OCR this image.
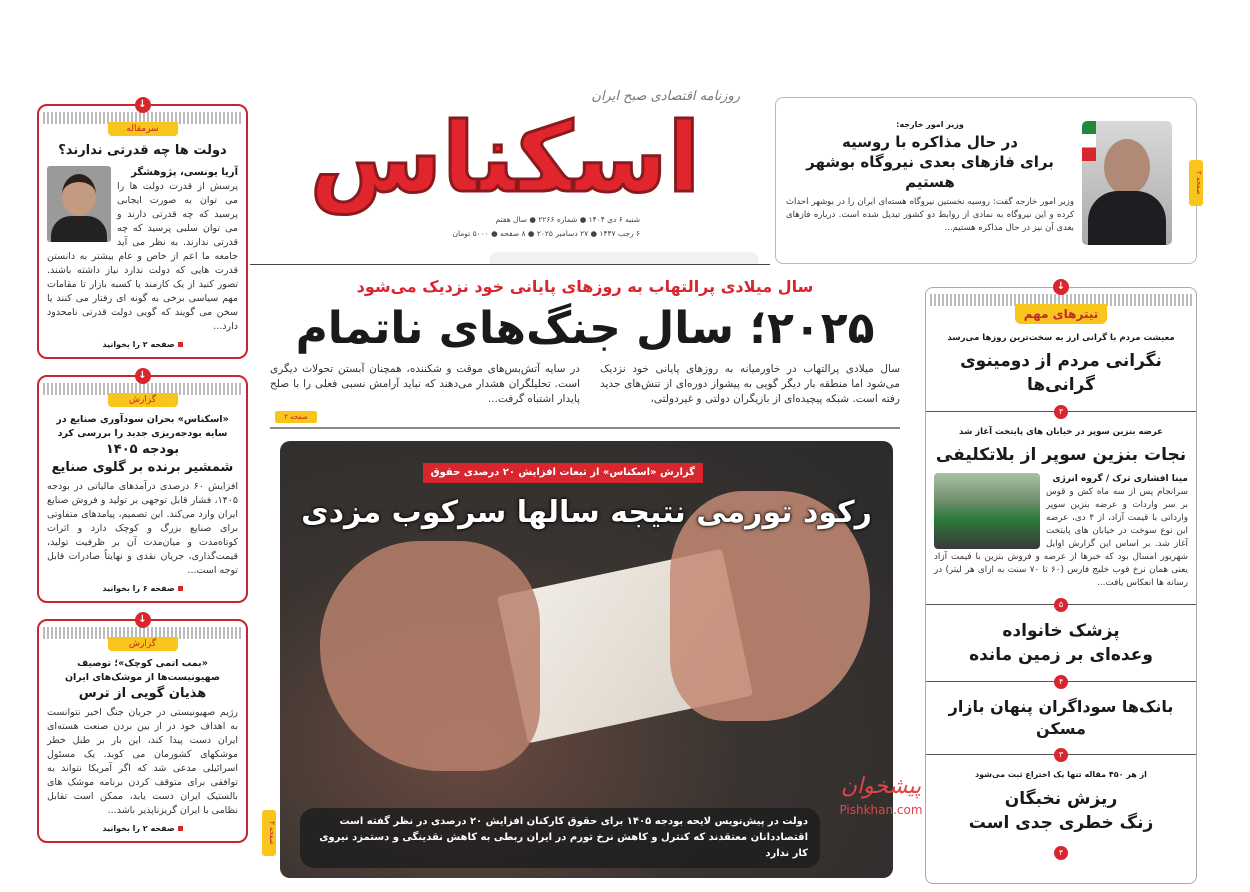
روزنامه اقتصادی صبح ایران
اسکناس
شنبه ۶ دی ۱۴۰۴ ● شماره ۲۲۶۶ ● سال هفتم
۶ رجب ۱۴۴۷ ● ۲۷ دسامبر ۲۰۲۵ ● ۸ صفحه ● ۵۰۰۰ تومان
صفحه ۲
وزیر امور خارجه:
در حال مذاکره با روسیه
برای فازهای بعدی نیروگاه بوشهر هستیم
وزیر امور خارجه گفت: روسیه نخستین نیروگاه هسته‌ای ایران را در بوشهر احداث کرده و این نیروگاه به نمادی از روابط دو کشور تبدیل شده است. درباره فازهای بعدی آن نیز در حال مذاکره هستیم...
سال میلادی پرالتهاب به روزهای پایانی خود نزدیک می‌شود
۲۰۲۵؛ سال جنگ‌های ناتمام
سال میلادی پرالتهاب در خاورمیانه به روزهای پایانی خود نزدیک می‌شود اما منطقه بار دیگر گویی به پیشواز دوره‌ای از تنش‌های جدید رفته است. شبکه پیچیده‌ای از بازیگران دولتی و غیردولتی،
در سایه آتش‌بس‌های موقت و شکننده، همچنان آبستن تحولات دیگری است. تحلیلگران هشدار می‌دهند که نباید آرامش نسبی فعلی را با صلح پایدار اشتباه گرفت...
صفحه ۲
گزارش «اسکناس» از تبعات افزایش ۲۰ درصدی حقوق
رکود تورمی نتیجه سالها سرکوب مزدی
دولت در پیش‌نویس لایحه بودجه ۱۴۰۵ برای حقوق کارکنان افزایش ۲۰ درصدی در نظر گفته است
اقتصاددانان معتقدند که کنترل و کاهش نرخ تورم در ایران ربطی به کاهش نقدینگی و دستمزد نیروی کار ندارد
صفحه ۳
↓
سرمقاله
دولت ها چه قدرتی ندارند؟
آریا یونسی، پژوهشگر
پرسش از قدرت دولت ها را می توان به صورت ایجابی پرسید که چه قدرتی دارند و می توان سلبی پرسید که چه قدرتی ندارند. به نظر می آید جامعه ما اعم از خاص و عام بیشتر به دانستن قدرت هایی که دولت ندارد نیاز داشته باشند. تصور کنید از یک کارمند یا کسبه بازار تا مقامات مهم سیاسی برخی به گونه ای رفتار می کنند یا سخن می گویند که گویی دولت قدرتی نامحدود دارد...
صفحه ۲ را بخوانید
↓
گزارش
«اسکناس» بحران سودآوری صنایع در سایه بودجه‌ریزی جدید را بررسی کرد
بودجه ۱۴۰۵
شمشیر برنده بر گلوی صنایع
افزایش ۶۰ درصدی درآمدهای مالیاتی در بودجه ۱۴۰۵، فشار قابل توجهی بر تولید و فروش صنایع ایران وارد می‌کند. این تصمیم، پیامدهای متفاوتی برای صنایع بزرگ و کوچک دارد و اثرات کوتاه‌مدت و میان‌مدت آن بر ظرفیت تولید، قیمت‌گذاری، جریان نقدی و نهایتاً صادرات قابل توجه است...
صفحه ۶ را بخوانید
↓
گزارش
«بمب اتمی کوچک»؛ توصیف صهیونیست‌ها از موشک‌های ایران
هذیان گویی از ترس
رژیم صهیونیستی در جریان جنگ اخیر نتوانست به اهداف خود در از بین بردن صنعت هسته‌ای ایران دست پیدا کند، این بار بر طبل خطر موشکهای کشورمان می کوبد. یک مسئول اسرائیلی مدعی شد که اگر آمریکا نتواند به توافقی برای متوقف کردن برنامه موشک های بالستیک ایران دست یابد، ممکن است تقابل نظامی با ایران گریزناپذیر باشد...
صفحه ۲ را بخوانید
↓
تیترهای مهم
معیشت مردم با گرانی ارز به سخت‌ترین روزها می‌رسد
نگرانی مردم از دومینوی گرانی‌ها
۳
عرضه بنزین سوپر در خیابان های پایتخت آغاز شد
نجات بنزین سوپر از بلاتکلیفی
مینا افشاری ترک / گروه انرژی
سرانجام پس از سه ماه کش و قوس بر سر واردات و عرضه بنزین سوپر وارداتی با قیمت آزاد، از ۴ دی، عرضه این نوع سوخت در خیابان های پایتخت آغاز شد. بر اساس این گزارش اوایل شهریور امسال بود که خبرها از عرضه و فروش بنزین با قیمت آزاد یعنی همان نرخ فوب خلیج فارس (۶۰ تا ۷۰ سنت به ازای هر لیتر) در رسانه ها انعکاس یافت...
۵
پزشک خانواده
وعده‌ای بر زمین مانده
۴
بانک‌ها سوداگران پنهان بازار مسکن
۳
از هر ۴۵۰ مقاله تنها یک اختراع ثبت می‌شود
ریزش نخبگان
زنگ خطری جدی است
۴
پیشخوان
Pishkhan.com
